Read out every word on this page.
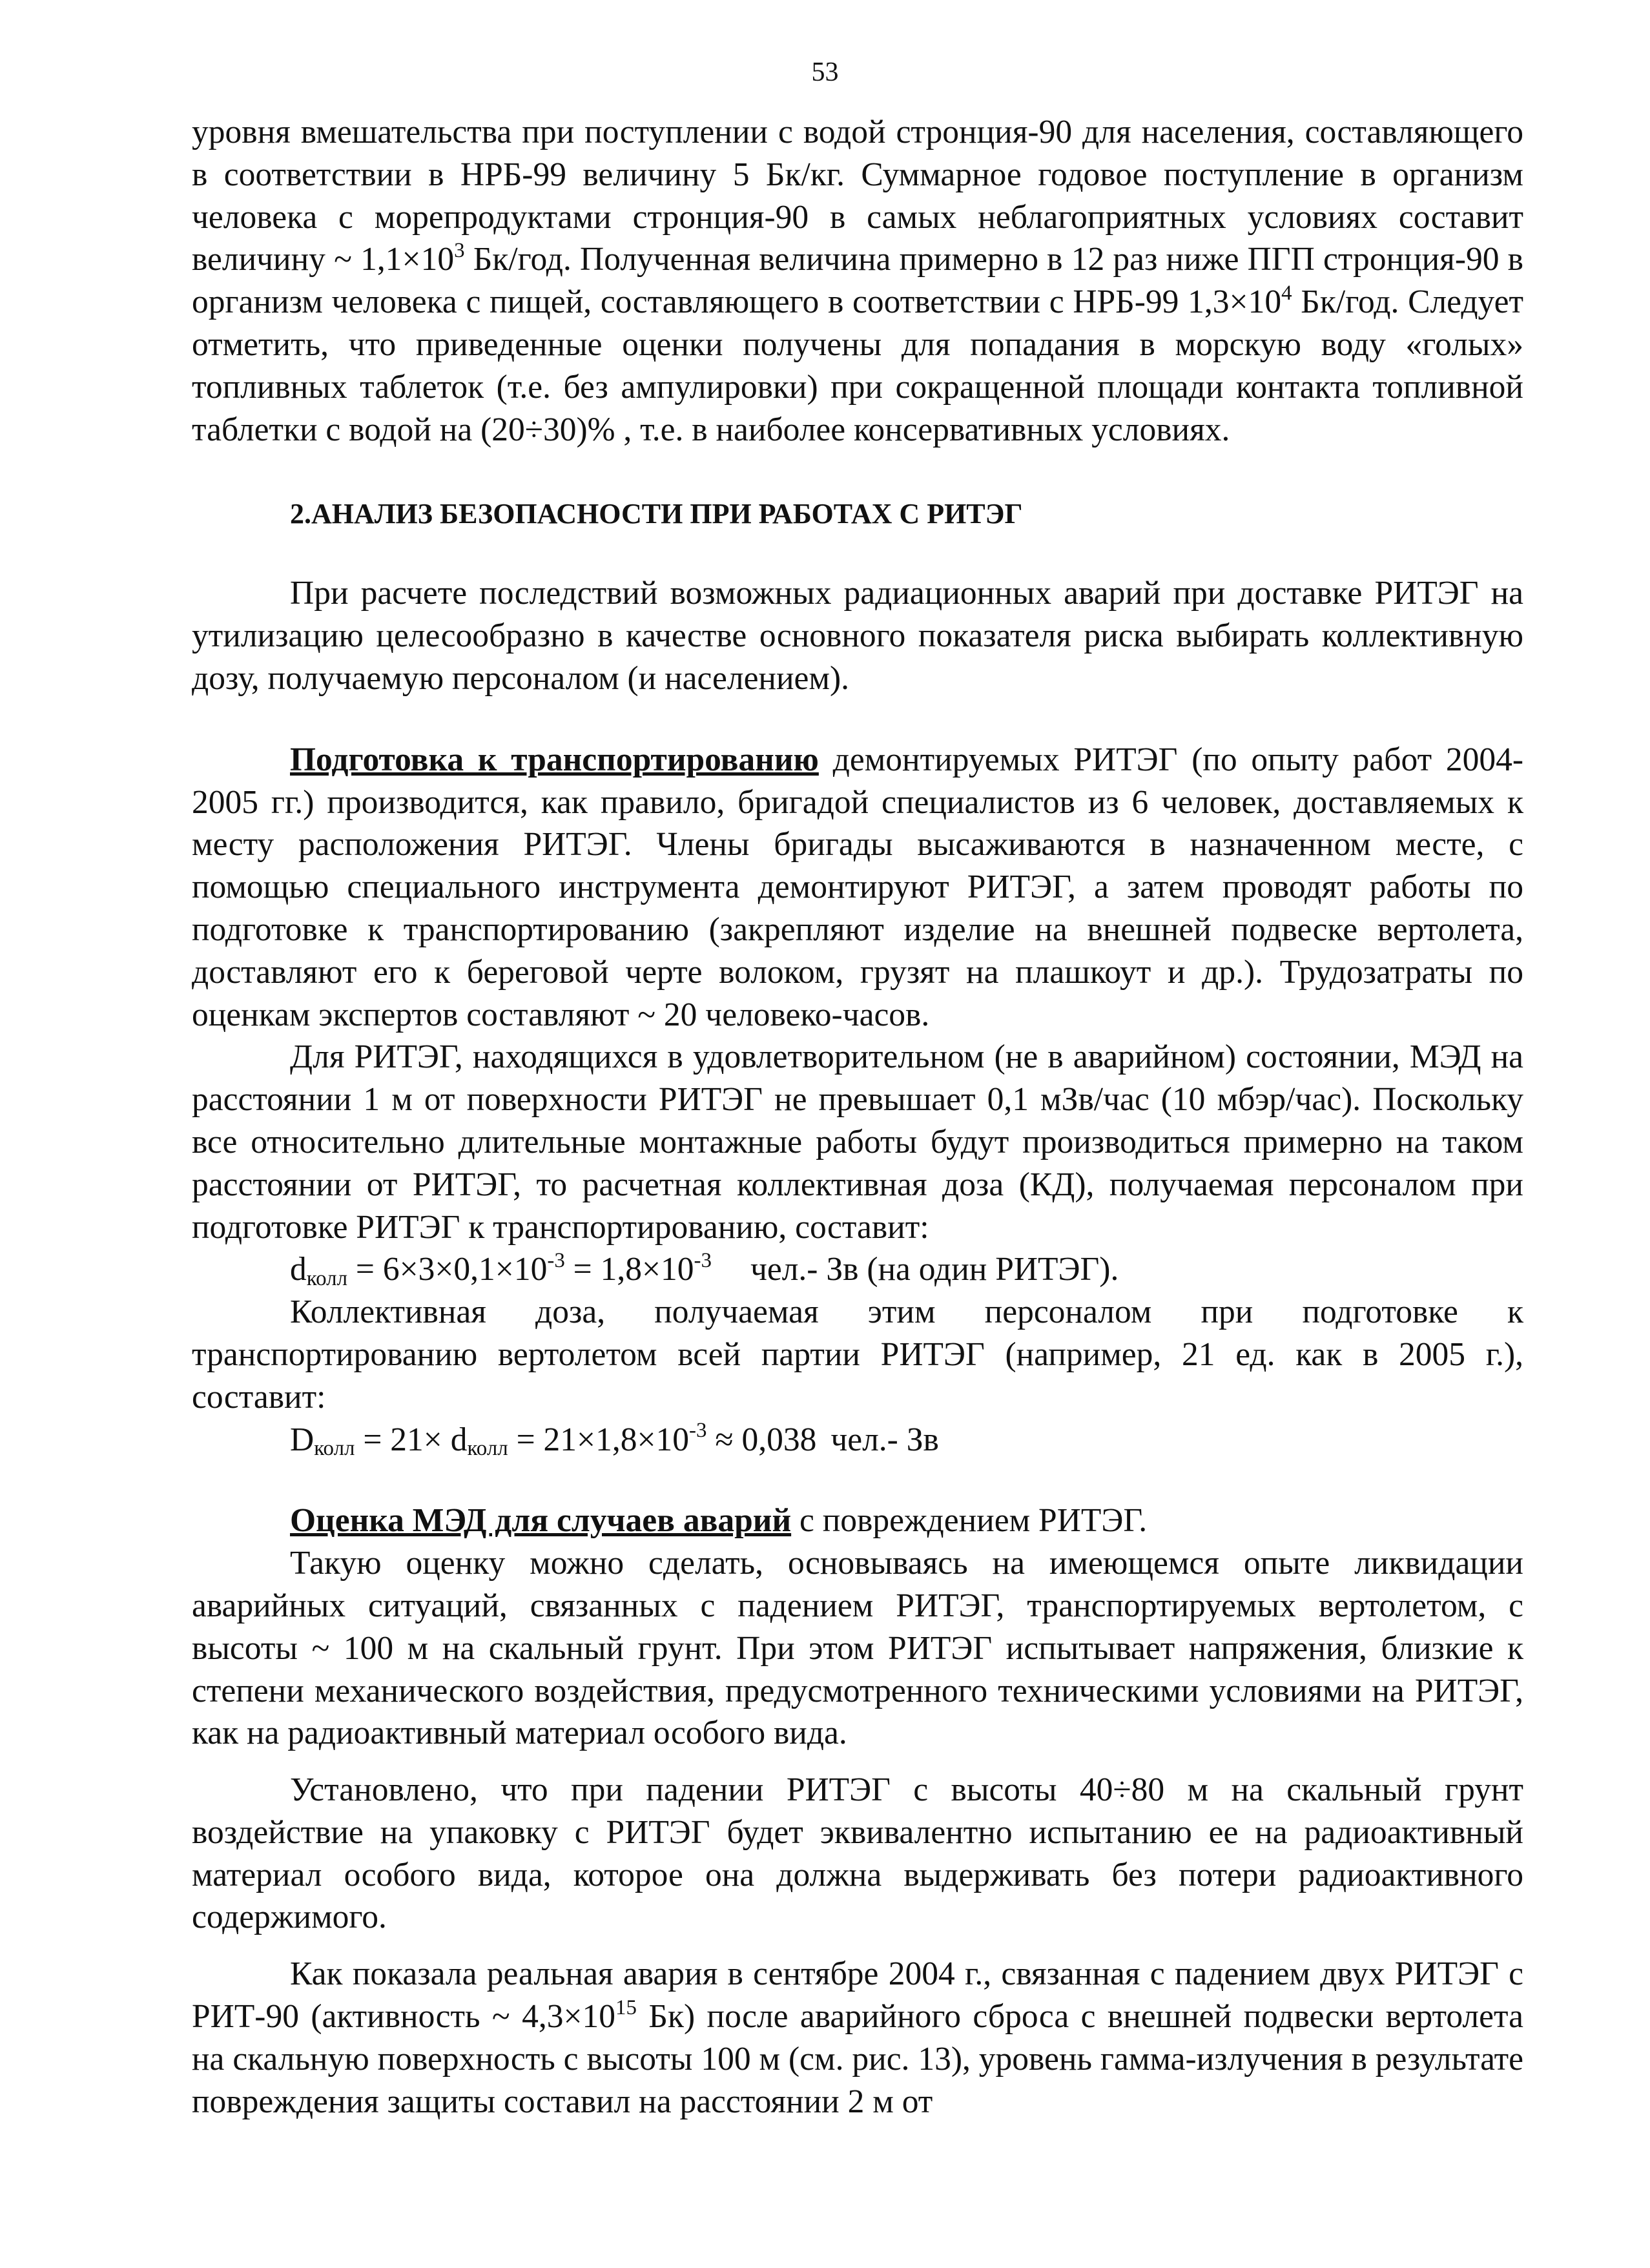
53

уровня вмешательства при поступлении с водой стронция-90 для населения, составляющего в соответствии в НРБ-99 величину 5 Бк/кг. Суммарное годовое поступление в организм человека с морепродуктами стронция-90 в самых неблагоприятных условиях составит величину ~ $1,1\times 10^3$ Бк/год. Полученная величина примерно в 12 раз ниже ПГП стронция-90 в организм человека с пищей, составляющего в соответствии с НРБ-99 $1,3\times 10^4$ Бк/год. Следует отметить, что приведенные оценки получены для попадания в морскую воду «голых» топливных таблеток (т.е. без ампулировки) при сокращенной площади контакта топливной таблетки с водой на (20÷30)% , т.е. в наиболее консервативных условиях.

2.АНАЛИЗ БЕЗОПАСНОСТИ ПРИ РАБОТАХ С РИТЭГ

При расчете последствий возможных радиационных аварий при доставке РИТЭГ на утилизацию целесообразно в качестве основного показателя риска выбирать коллективную дозу, получаемую персоналом (и населением).

Подготовка к транспортированию демонтируемых РИТЭГ (по опыту работ 2004-2005 гг.) производится, как правило, бригадой специалистов из 6 человек, доставляемых к месту расположения РИТЭГ. Члены бригады высаживаются в назначенном месте, с помощью специального инструмента демонтируют РИТЭГ, а затем проводят работы по подготовке к транспортированию (закрепляют изделие на внешней подвеске вертолета, доставляют его к береговой черте волоком, грузят на плашкоут и др.). Трудозатраты по оценкам экспертов составляют ~ 20 человеко-часов.

Для РИТЭГ, находящихся в удовлетворительном (не в аварийном) состоянии, МЭД на расстоянии 1 м от поверхности РИТЭГ не превышает 0,1 мЗв/час (10 мбэр/час). Поскольку все относительно длительные монтажные работы будут производиться примерно на таком расстоянии от РИТЭГ, то расчетная коллективная доза (КД), получаемая персоналом при подготовке РИТЭГ к транспортированию, составит:

$d_{колл} = 6\times 3\times 0,1\times 10^{-3} = 1,8\times 10^{-3}$ чел.- Зв (на один РИТЭГ).

Коллективная доза, получаемая этим персоналом при подготовке к транспортированию вертолетом всей партии РИТЭГ (например, 21 ед. как в 2005 г.), составит:

$D_{колл} = 21\times d_{колл} = 21\times 1,8\times 10^{-3} \approx 0,038$ чел.- Зв

Оценка МЭД для случаев аварий с повреждением РИТЭГ.

Такую оценку можно сделать, основываясь на имеющемся опыте ликвидации аварийных ситуаций, связанных с падением РИТЭГ, транспортируемых вертолетом, с высоты ~ 100 м на скальный грунт. При этом РИТЭГ испытывает напряжения, близкие к степени механического воздействия, предусмотренного техническими условиями на РИТЭГ, как на радиоактивный материал особого вида.

Установлено, что при падении РИТЭГ с высоты 40÷80 м на скальный грунт воздействие на упаковку с РИТЭГ будет эквивалентно испытанию ее на радиоактивный материал особого вида, которое она должна выдерживать без потери радиоактивного содержимого.

Как показала реальная авария в сентябре 2004 г., связанная с падением двух РИТЭГ с РИТ-90 (активность ~ $4,3\times 10^{15}$ Бк) после аварийного сброса с внешней подвески вертолета на скальную поверхность с высоты 100 м (см. рис. 13), уровень гамма-излучения в результате повреждения защиты составил на расстоянии 2 м от
